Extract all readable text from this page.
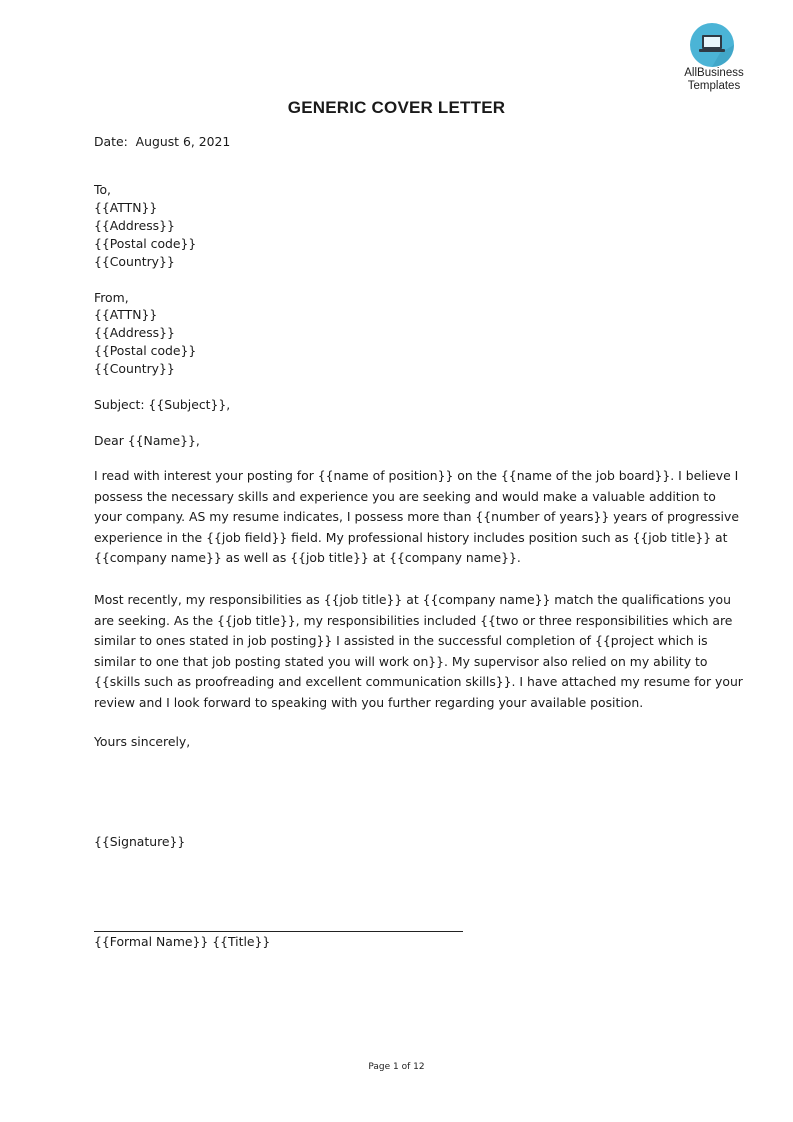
AllBusiness
Templates
GENERIC COVER LETTER
Date:  August 6, 2021
To,
{{ATTN}}
{{Address}}
{{Postal code}}
{{Country}}
From,
{{ATTN}}
{{Address}}
{{Postal code}}
{{Country}}
Subject: {{Subject}},
Dear {{Name}},
I read with interest your posting for {{name of position}} on the {{name of the job board}}. I believe I
possess the necessary skills and experience you are seeking and would make a valuable addition to
your company. AS my resume indicates, I possess more than {{number of years}} years of progressive
experience in the {{job field}} field. My professional history includes position such as {{job title}} at
{{company name}} as well as {{job title}} at {{company name}}.
Most recently, my responsibilities as {{job title}} at {{company name}} match the qualifications you
are seeking. As the {{job title}}, my responsibilities included {{two or three responsibilities which are
similar to ones stated in job posting}} I assisted in the successful completion of {{project which is
similar to one that job posting stated you will work on}}. My supervisor also relied on my ability to
{{skills such as proofreading and excellent communication skills}}. I have attached my resume for your
review and I look forward to speaking with you further regarding your available position.
Yours sincerely,
{{Signature}}
{{Formal Name}} {{Title}}
Page 1 of 12
